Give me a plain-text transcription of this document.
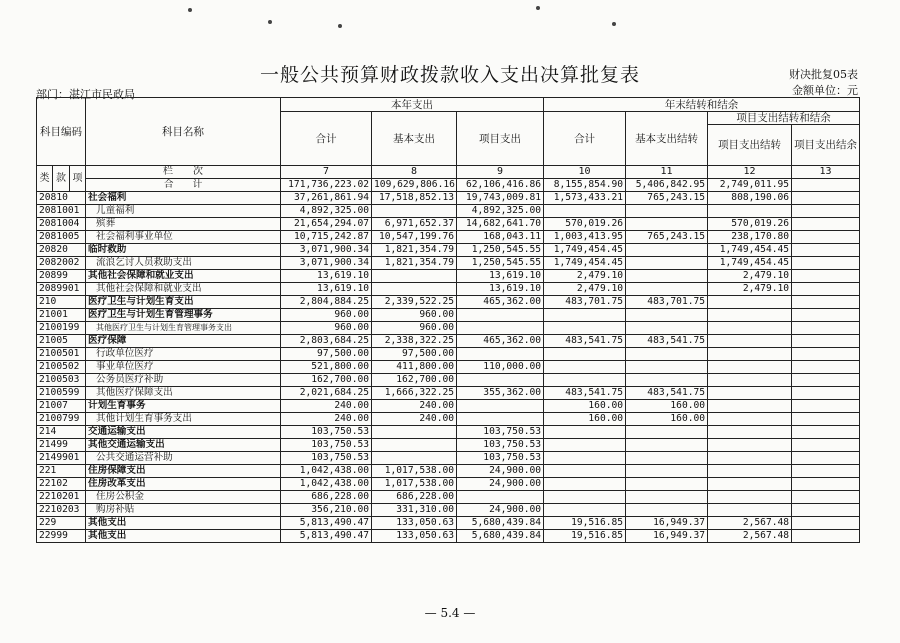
一般公共预算财政拨款收入支出决算批复表	财决批复05表
金额单位：元
部门：湛江市民政局
科目编码			科目名称	本年支出			年末结转和结余			
				合计	基本支出	项目支出	合计	基本支出结转	项目支出结转和结余	
									项目支出结转	项目支出结余

类	款	项	栏　　次	7	8	9	10	11	12	13
			合　　计	171,736,223.02	109,629,806.16	62,106,416.86	8,155,854.90	5,406,842.95	2,749,011.95	
20810			社会福利	37,261,861.94	17,518,852.13	19,743,009.81	1,573,433.21	765,243.15	808,190.06	
2081001			儿童福利	4,892,325.00		4,892,325.00				
2081004			殡葬	21,654,294.07	6,971,652.37	14,682,641.70	570,019.26		570,019.26	
2081005			社会福利事业单位	10,715,242.87	10,547,199.76	168,043.11	1,003,413.95	765,243.15	238,170.80	
20820			临时救助	3,071,900.34	1,821,354.79	1,250,545.55	1,749,454.45		1,749,454.45	
2082002			流浪乞讨人员救助支出	3,071,900.34	1,821,354.79	1,250,545.55	1,749,454.45		1,749,454.45	
20899			其他社会保障和就业支出	13,619.10		13,619.10	2,479.10		2,479.10	
2089901			其他社会保障和就业支出	13,619.10		13,619.10	2,479.10		2,479.10	
210			医疗卫生与计划生育支出	2,804,884.25	2,339,522.25	465,362.00	483,701.75	483,701.75		
21001			医疗卫生与计划生育管理事务	960.00	960.00					
2100199			其他医疗卫生与计划生育管理事务支出	960.00	960.00					
21005			医疗保障	2,803,684.25	2,338,322.25	465,362.00	483,541.75	483,541.75		
2100501			行政单位医疗	97,500.00	97,500.00					
2100502			事业单位医疗	521,800.00	411,800.00	110,000.00				
2100503			公务员医疗补助	162,700.00	162,700.00					
2100599			其他医疗保障支出	2,021,684.25	1,666,322.25	355,362.00	483,541.75	483,541.75		
21007			计划生育事务	240.00	240.00		160.00	160.00		
2100799			其他计划生育事务支出	240.00	240.00		160.00	160.00		
214			交通运输支出	103,750.53		103,750.53				
21499			其他交通运输支出	103,750.53		103,750.53				
2149901			公共交通运营补助	103,750.53		103,750.53				
221			住房保障支出	1,042,438.00	1,017,538.00	24,900.00				
22102			住房改革支出	1,042,438.00	1,017,538.00	24,900.00				
2210201			住房公积金	686,228.00	686,228.00					
2210203			购房补贴	356,210.00	331,310.00	24,900.00				
229			其他支出	5,813,490.47	133,050.63	5,680,439.84	19,516.85	16,949.37	2,567.48	
22999			其他支出	5,813,490.47	133,050.63	5,680,439.84	19,516.85	16,949.37	2,567.48	
— 5.4 —
